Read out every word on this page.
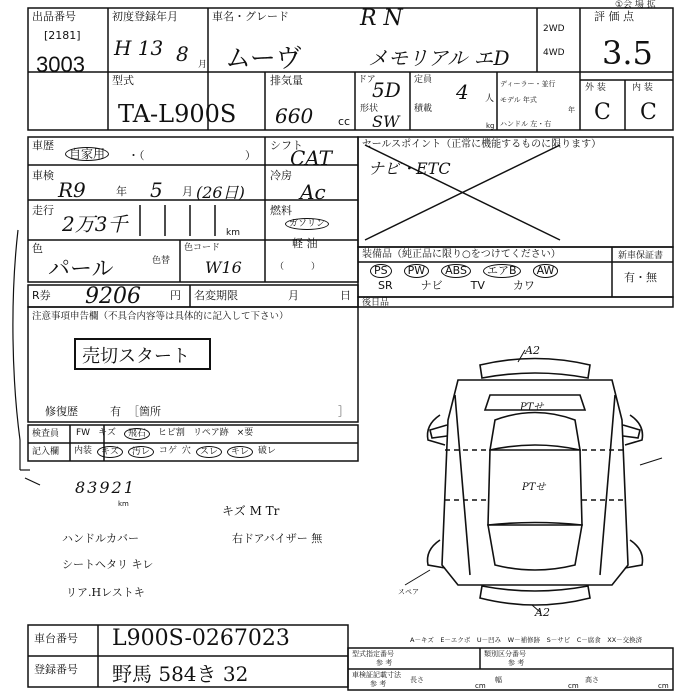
出品番号
[2181]
3003
初度登録年月
H 13 8 月
車名・グレード	R N
ムーヴ	メモリアル エD
2WD
4WD
評 価 点
3.5
①会 場 拡
型式
TA-L900S
排気量
660 cc
ドア
5D 定員 4 人
形状
SW
積載
kg
ディーラー・並行
モデル 年式
年
ハンドル 左・右
外 装	内 装
C C
車歴
自家用	・（	）
シフト
CAT
冷房
Ac
燃料
ガソリン
軽 油
（　　　）
車検
R9	年 5 月 (26日)
走行
2万3千	km
色
パール	色替
色コード
W16
R券 9206	円 名変期限	月	日
注意事項申告欄（不具合内容等は具体的に記入して下さい）
売切スタート
修復歴	有 ［箇所	］
セールスポイント（正常に機能するものに限ります）
ナビ・ETC
装備品（純正品に限り○をつけてください）
PS	PW	ABS	エアB	AW
SR	ナビ	TV	カワ
新車保証書
有・無
後日品
検査員
記入欄
FW キズ	飛石	ヒビ割 リペア跡 ×要
内装	キズ	汚レ	コゲ 穴	スレ	キレ	破レ
83921
km
ハンドルカバー
シートヘタリ キレ
リア.Hレストキ
キズ M Tr
右ドアバイザー 無
A2
A2
PTせ
PTせ
スペア
A－キズ　E－エクボ　U－凹み　W－補修跡　S－サビ　C－腐食　XX－交換済
車台番号 L900S-0267023
登録番号 野馬 584き 32
型式指定番号
参 考
類別区分番号
参 考
車検証記載寸法
参 考	長さ
cm
幅
cm
高さ
cm
